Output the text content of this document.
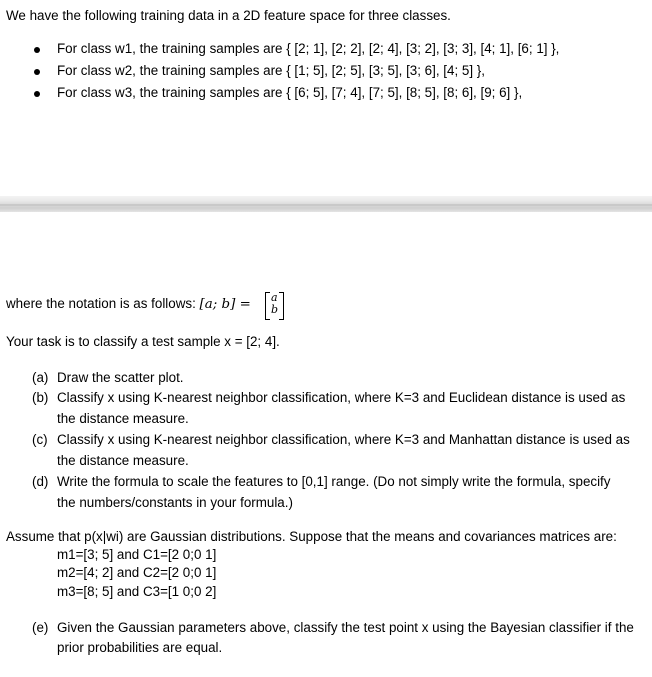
We have the following training data in a 2D feature space for three classes.
For class w1, the training samples are { [2; 1], [2; 2], [2; 4], [3; 2], [3; 3], [4; 1], [6; 1] },
For class w2, the training samples are { [1; 5], [2; 5], [3; 5], [3; 6], [4; 5] },
For class w3, the training samples are { [6; 5], [7; 4], [7; 5], [8; 5], [8; 6], [9; 6] },
where the notation is as follows: [a; b] = a
b
Your task is to classify a test sample x = [2; 4].
(a) Draw the scatter plot.
(b) Classify x using K-nearest neighbor classification, where K=3 and Euclidean distance is used as
the distance measure.
(c) Classify x using K-nearest neighbor classification, where K=3 and Manhattan distance is used as
the distance measure.
(d) Write the formula to scale the features to [0,1] range. (Do not simply write the formula, specify
the numbers/constants in your formula.)
Assume that p(x|wi) are Gaussian distributions. Suppose that the means and covariances matrices are:
m1=[3; 5] and C1=[2 0;0 1]
m2=[4; 2] and C2=[2 0;0 1]
m3=[8; 5] and C3=[1 0;0 2]
(e) Given the Gaussian parameters above, classify the test point x using the Bayesian classifier if the
prior probabilities are equal.
